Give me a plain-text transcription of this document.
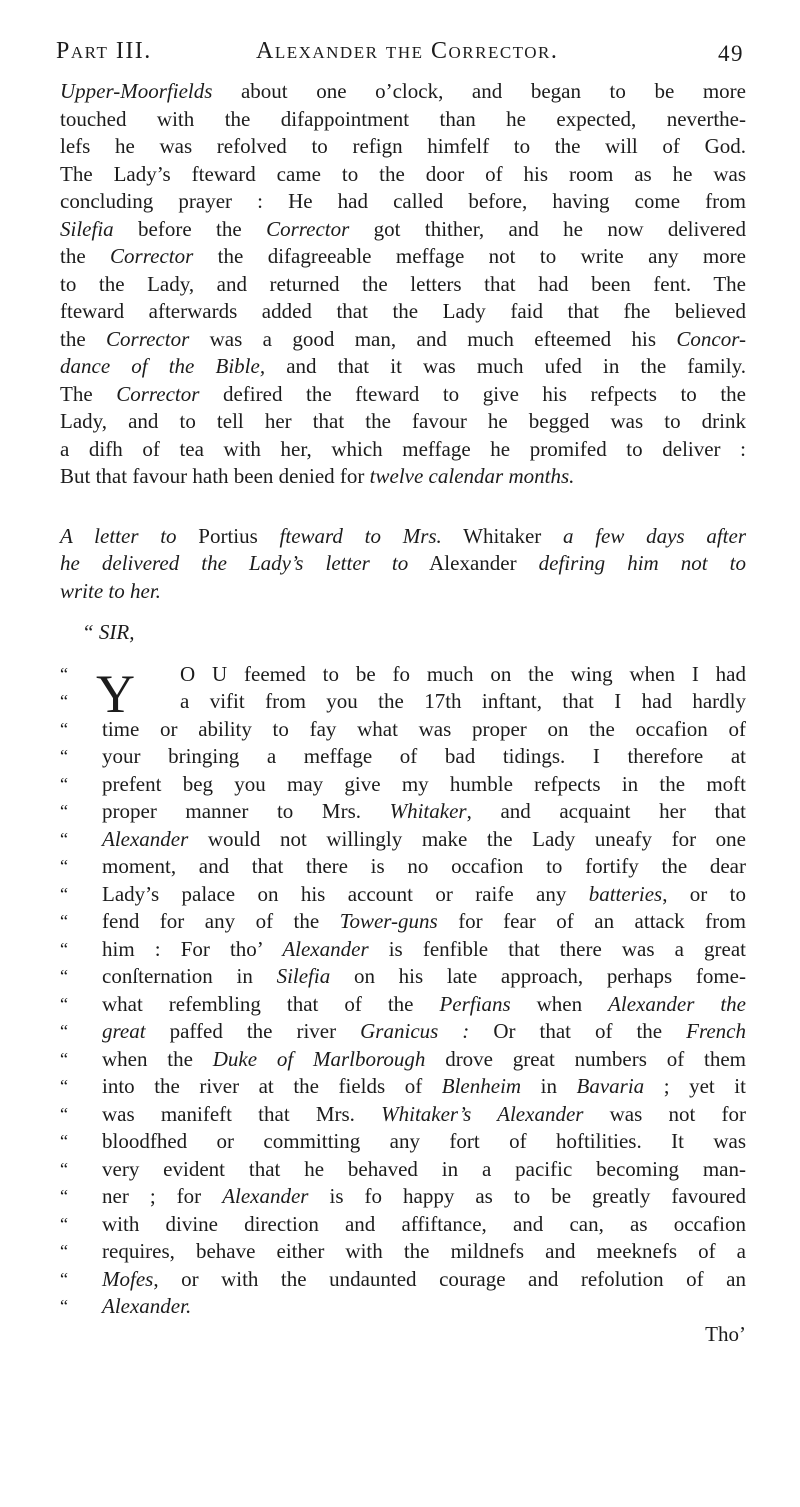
Part III.	Alexander the Corrector.	49
Upper-Moorfields about one o’clock, and began to be more
touched with the difappointment than he expected, neverthe-
lefs he was refolved to refign himfelf to the will of God.
The Lady’s fteward came to the door of his room as he was
concluding prayer : He had called before, having come from
Silefia before the Corrector got thither, and he now delivered
the Corrector the difagreeable meffage not to write any more
to the Lady, and returned the letters that had been fent. The
fteward afterwards added that the Lady faid that fhe believed
the Corrector was a good man, and much efteemed his Concor-
dance of the Bible, and that it was much ufed in the family.
The Corrector defired the fteward to give his refpects to the
Lady, and to tell her that the favour he begged was to drink
a difh of tea with her, which meffage he promifed to deliver :
But that favour hath been denied for twelve calendar months.
A letter to Portius fteward to Mrs. Whitaker a few days after
he delivered the Lady’s letter to Alexander defiring him not to
write to her.
“ SIR,
Y
“	O U feemed to be fo much on the wing when I had
“	a vifit from you the 17th inftant, that I had hardly
“ time or ability to fay what was proper on the occafion of
“ your bringing a meffage of bad tidings. I therefore at
“ prefent beg you may give my humble refpects in the moft
“ proper manner to Mrs. Whitaker, and acquaint her that
“ Alexander would not willingly make the Lady uneafy for one
“ moment, and that there is no occafion to fortify the dear
“ Lady’s palace on his account or raife any batteries, or to
“ fend for any of the Tower-guns for fear of an attack from
“ him : For tho’ Alexander is fenfible that there was a great
“ conſternation in Silefia on his late approach, perhaps fome-
“ what refembling that of the Perfians when Alexander the
“ great paffed the river Granicus : Or that of the French
“ when the Duke of Marlborough drove great numbers of them
“ into the river at the fields of Blenheim in Bavaria ; yet it
“ was manifeft that Mrs. Whitaker’s Alexander was not for
“ bloodfhed or committing any fort of hoftilities. It was
“ very evident that he behaved in a pacific becoming man-
“ ner ; for Alexander is fo happy as to be greatly favoured
“ with divine direction and affiftance, and can, as occafion
“ requires, behave either with the mildnefs and meeknefs of a
“ Mofes, or with the undaunted courage and refolution of an
“ Alexander.
Tho’
